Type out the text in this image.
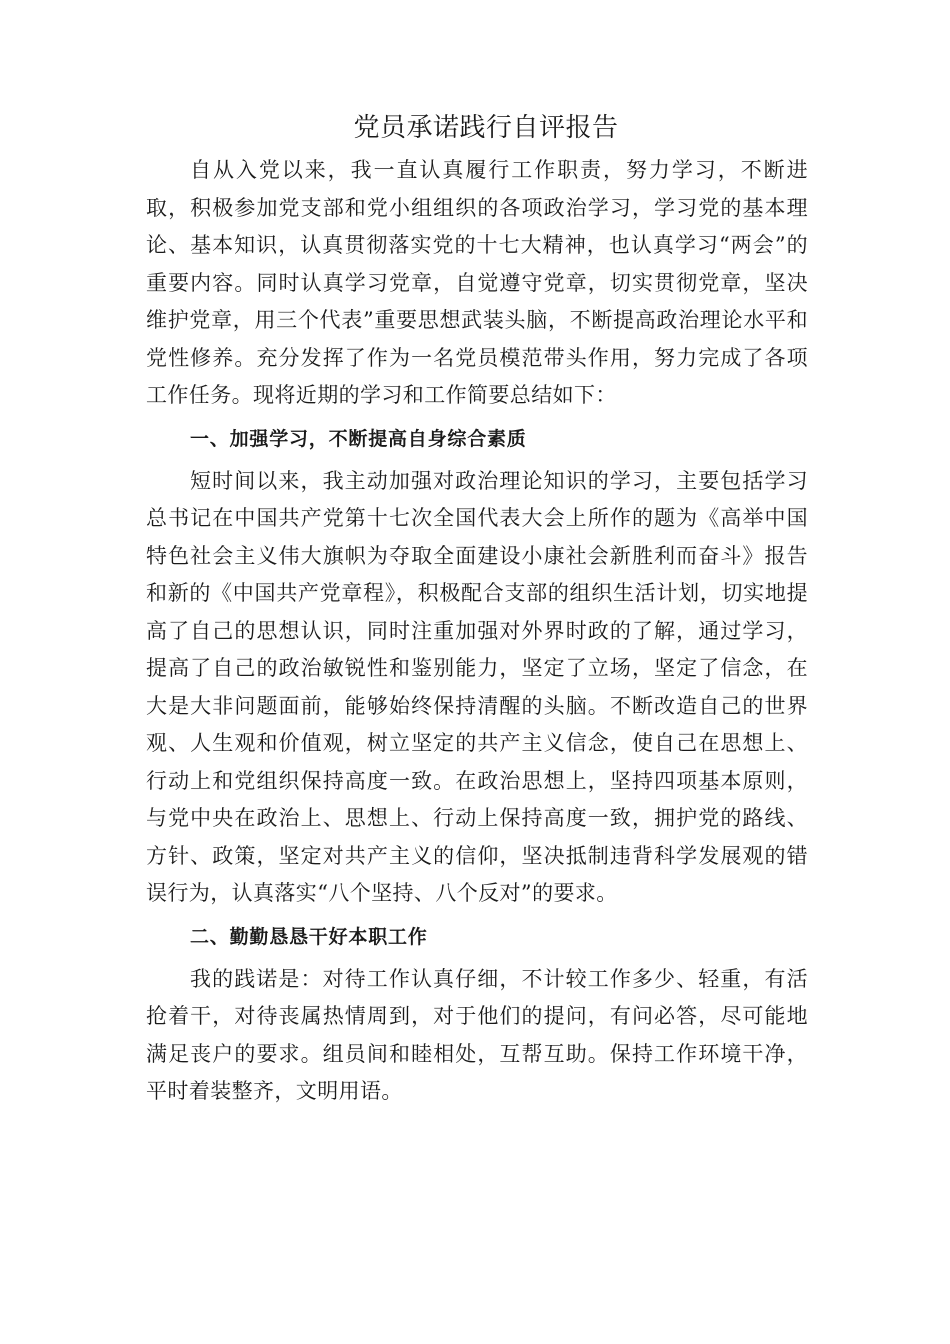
党员承诺践行自评报告

自从入党以来，我一直认真履行工作职责，努力学习，不断进取，积极参加党支部和党小组组织的各项政治学习，学习党的基本理论、基本知识，认真贯彻落实党的十七大精神，也认真学习“两会”的重要内容。同时认真学习党章，自觉遵守党章，切实贯彻党章，坚决维护党章，用三个代表”重要思想武装头脑，不断提高政治理论水平和党性修养。充分发挥了作为一名党员模范带头作用，努力完成了各项工作任务。现将近期的学习和工作简要总结如下：

一、加强学习，不断提高自身综合素质

短时间以来，我主动加强对政治理论知识的学习，主要包括学习总书记在中国共产党第十七次全国代表大会上所作的题为《高举中国特色社会主义伟大旗帜为夺取全面建设小康社会新胜利而奋斗》报告和新的《中国共产党章程》，积极配合支部的组织生活计划，切实地提高了自己的思想认识，同时注重加强对外界时政的了解，通过学习，提高了自己的政治敏锐性和鉴别能力，坚定了立场，坚定了信念，在大是大非问题面前，能够始终保持清醒的头脑。不断改造自己的世界观、人生观和价值观，树立坚定的共产主义信念，使自己在思想上、行动上和党组织保持高度一致。在政治思想上，坚持四项基本原则，与党中央在政治上、思想上、行动上保持高度一致，拥护党的路线、方针、政策，坚定对共产主义的信仰，坚决抵制违背科学发展观的错误行为，认真落实“八个坚持、八个反对”的要求。

二、勤勤恳恳干好本职工作

我的践诺是：对待工作认真仔细，不计较工作多少、轻重，有活抢着干，对待丧属热情周到，对于他们的提问，有问必答，尽可能地满足丧户的要求。组员间和睦相处，互帮互助。保持工作环境干净，平时着装整齐，文明用语。
